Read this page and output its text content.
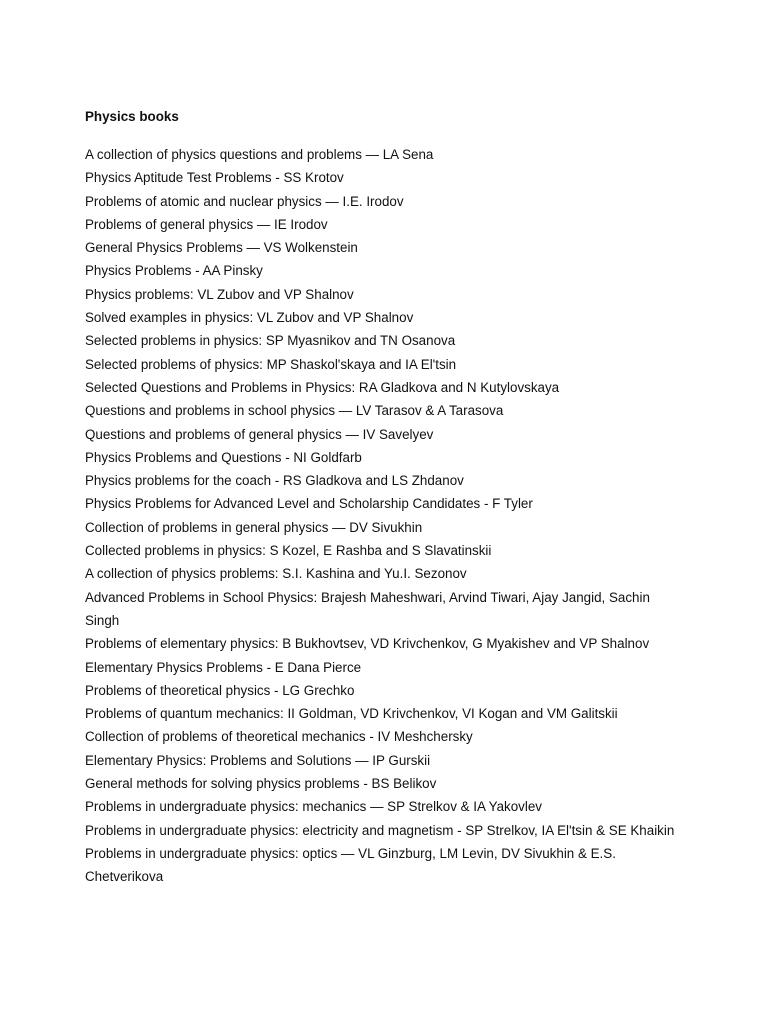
Physics books
A collection of physics questions and problems — LA Sena
Physics Aptitude Test Problems - SS Krotov
Problems of atomic and nuclear physics — I.E. Irodov
Problems of general physics — IE Irodov
General Physics Problems — VS Wolkenstein
Physics Problems - AA Pinsky
Physics problems: VL Zubov and VP Shalnov
Solved examples in physics: VL Zubov and VP Shalnov
Selected problems in physics: SP Myasnikov and TN Osanova
Selected problems of physics: MP Shaskol'skaya and IA El'tsin
Selected Questions and Problems in Physics: RA Gladkova and N Kutylovskaya
Questions and problems in school physics — LV Tarasov & A Tarasova
Questions and problems of general physics — IV Savelyev
Physics Problems and Questions - NI Goldfarb
Physics problems for the coach - RS Gladkova and LS Zhdanov
Physics Problems for Advanced Level and Scholarship Candidates - F Tyler
Collection of problems in general physics — DV Sivukhin
Collected problems in physics: S Kozel, E Rashba and S Slavatinskii
A collection of physics problems: S.I. Kashina and Yu.I. Sezonov
Advanced Problems in School Physics: Brajesh Maheshwari, Arvind Tiwari, Ajay Jangid, Sachin Singh
Problems of elementary physics: B Bukhovtsev, VD Krivchenkov, G Myakishev and VP Shalnov
Elementary Physics Problems - E Dana Pierce
Problems of theoretical physics - LG Grechko
Problems of quantum mechanics: II Goldman, VD Krivchenkov, VI Kogan and VM Galitskii
Collection of problems of theoretical mechanics - IV Meshchersky
Elementary Physics: Problems and Solutions — IP Gurskii
General methods for solving physics problems - BS Belikov
Problems in undergraduate physics: mechanics — SP Strelkov & IA Yakovlev
Problems in undergraduate physics: electricity and magnetism - SP Strelkov, IA El'tsin & SE Khaikin
Problems in undergraduate physics: optics — VL Ginzburg, LM Levin, DV Sivukhin & E.S. Chetverikova
